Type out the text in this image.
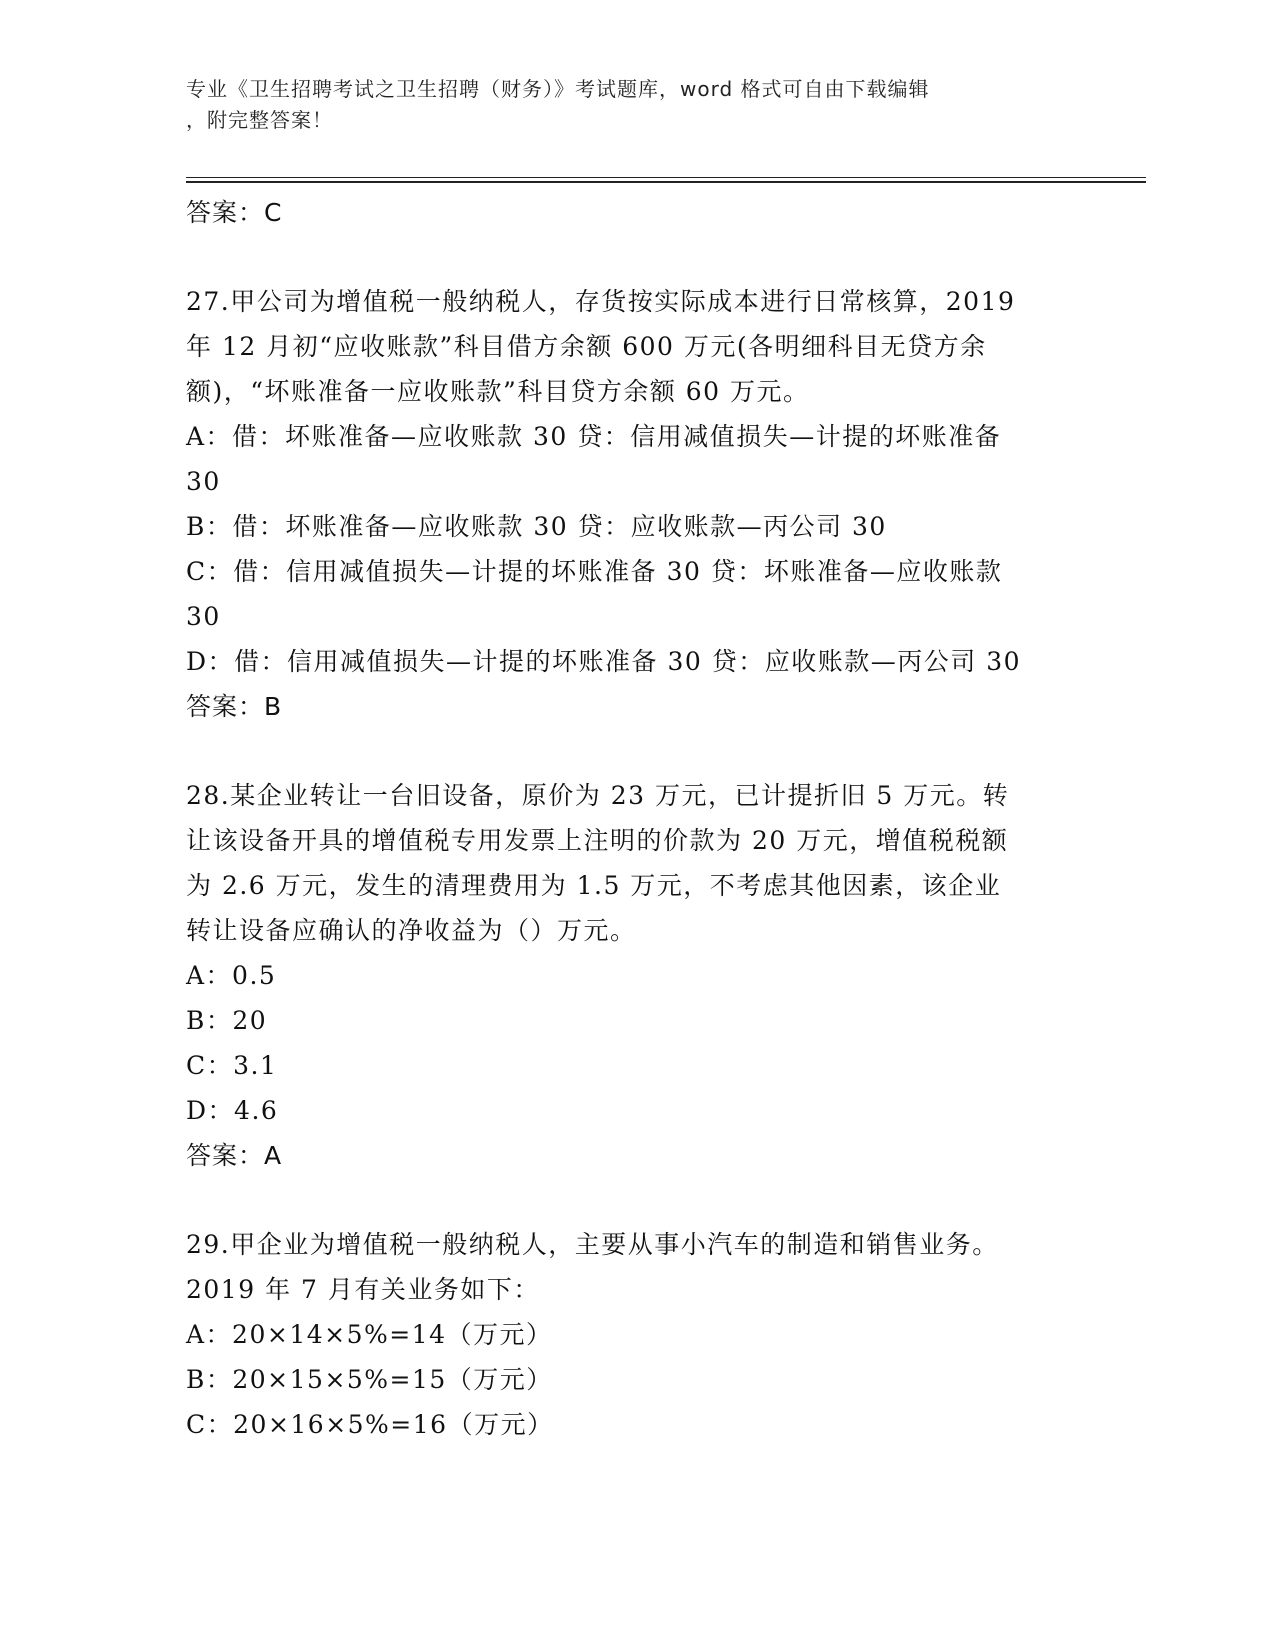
专业《卫生招聘考试之卫生招聘（财务）》考试题库，word 格式可自由下载编辑
，附完整答案！

答案：C

27.甲公司为增值税一般纳税人，存货按实际成本进行日常核算，2019

年 12 月初“应收账款”科目借方余额 600 万元(各明细科目无贷方余

额)，“坏账准备一应收账款”科目贷方余额 60 万元。

A：借：坏账准备—应收账款 30 贷：信用减值损失—计提的坏账准备

30

B：借：坏账准备—应收账款 30 贷：应收账款—丙公司 30

C：借：信用减值损失—计提的坏账准备 30 贷：坏账准备—应收账款

30

D：借：信用减值损失—计提的坏账准备 30 贷：应收账款—丙公司 30

答案：B

28.某企业转让一台旧设备，原价为 23 万元，已计提折旧 5 万元。转

让该设备开具的增值税专用发票上注明的价款为 20 万元，增值税税额

为 2.6 万元，发生的清理费用为 1.5 万元，不考虑其他因素，该企业

转让设备应确认的净收益为（）万元。

A：0.5

B：20

C：3.1

D：4.6

答案：A

29.甲企业为增值税一般纳税人，主要从事小汽车的制造和销售业务。

2019 年 7 月有关业务如下：

A：20×14×5%=14（万元）

B：20×15×5%=15（万元）

C：20×16×5%=16（万元）
